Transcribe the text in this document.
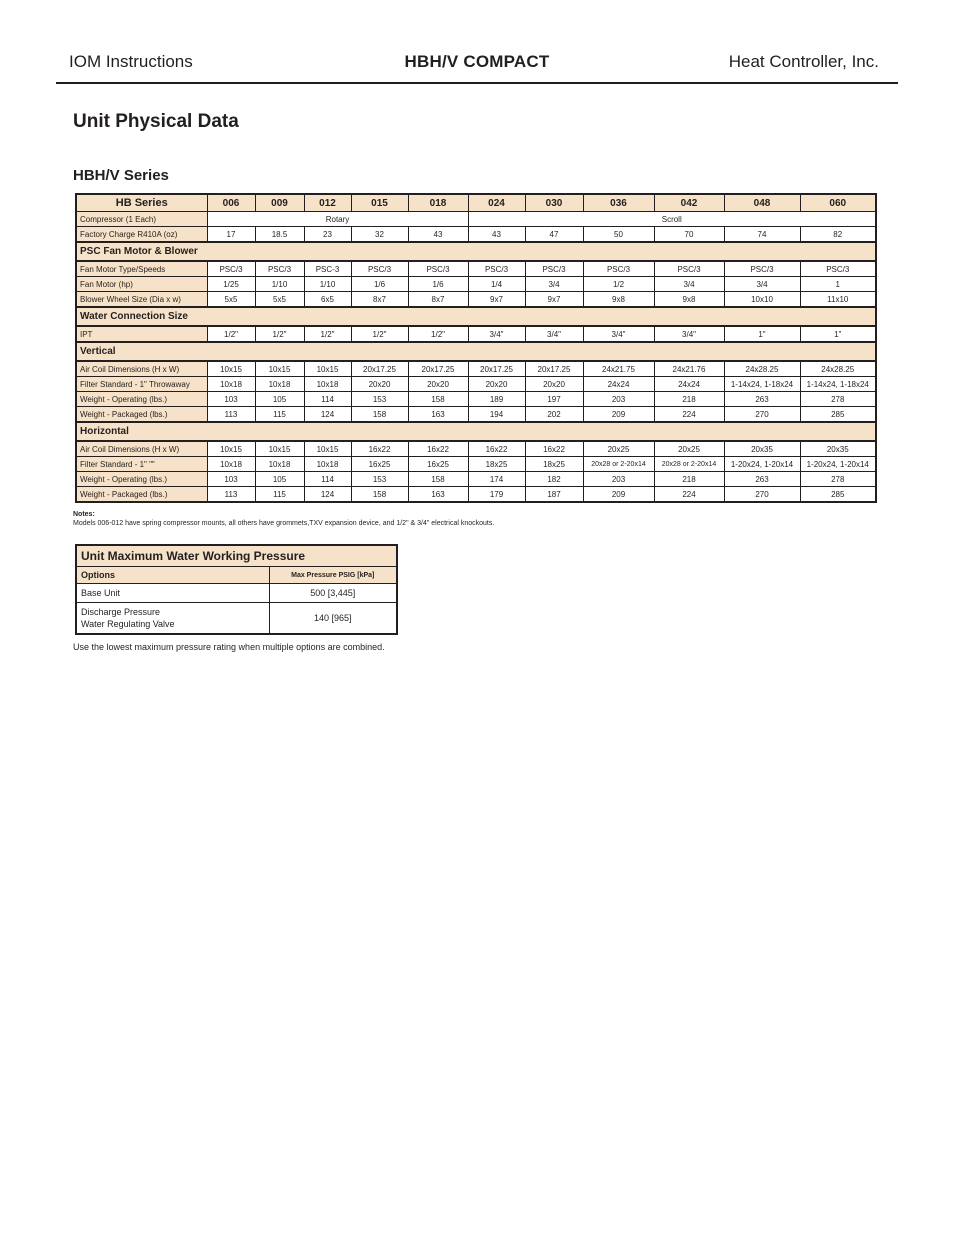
IOM Instructions	HBH/V COMPACT	Heat Controller, Inc.
Unit Physical Data
HBH/V Series
HB Series	006	009	012	015	018	024	030	036	042	048	060
Compressor (1 Each)	Rotary					Scroll					
Factory Charge R410A (oz)	17	18.5	23	32	43	43	47	50	70	74	82
PSC Fan Motor & Blower											
Fan Motor Type/Speeds	PSC/3	PSC/3	PSC-3	PSC/3	PSC/3	PSC/3	PSC/3	PSC/3	PSC/3	PSC/3	PSC/3
Fan Motor (hp)	1/25	1/10	1/10	1/6	1/6	1/4	3/4	1/2	3/4	3/4	1
Blower Wheel Size (Dia x w)	5x5	5x5	6x5	8x7	8x7	9x7	9x7	9x8	9x8	10x10	11x10
Water Connection Size											
IPT	1/2"	1/2"	1/2"	1/2"	1/2"	3/4"	3/4"	3/4"	3/4"	1"	1"
Vertical											
Air Coil Dimensions (H x W)	10x15	10x15	10x15	20x17.25	20x17.25	20x17.25	20x17.25	24x21.75	24x21.76	24x28.25	24x28.25
Filter Standard - 1" Throwaway	10x18	10x18	10x18	20x20	20x20	20x20	20x20	24x24	24x24	1-14x24, 1-18x24	1-14x24, 1-18x24
Weight - Operating (lbs.)	103	105	114	153	158	189	197	203	218	263	278
Weight - Packaged (lbs.)	113	115	124	158	163	194	202	209	224	270	285
Horizontal											
Air Coil Dimensions (H x W)	10x15	10x15	10x15	16x22	16x22	16x22	16x22	20x25	20x25	20x35	20x35
Filter Standard - 1" ""	10x18	10x18	10x18	16x25	16x25	18x25	18x25	20x28 or 2-20x14	20x28 or 2-20x14	1-20x24, 1-20x14	1-20x24, 1-20x14
Weight - Operating (lbs.)	103	105	114	153	158	174	182	203	218	263	278
Weight - Packaged (lbs.)	113	115	124	158	163	179	187	209	224	270	285
Notes:
Models 006-012 have spring compressor mounts, all others have grommets,TXV expansion device, and 1/2" & 3/4" electrical knockouts.
Unit Maximum Water Working Pressure	
Options	Max Pressure PSIG [kPa]
Base Unit	500 [3,445]
Discharge Pressure
Water Regulating Valve	140 [965]
Use the lowest maximum pressure rating when multiple options are combined.
